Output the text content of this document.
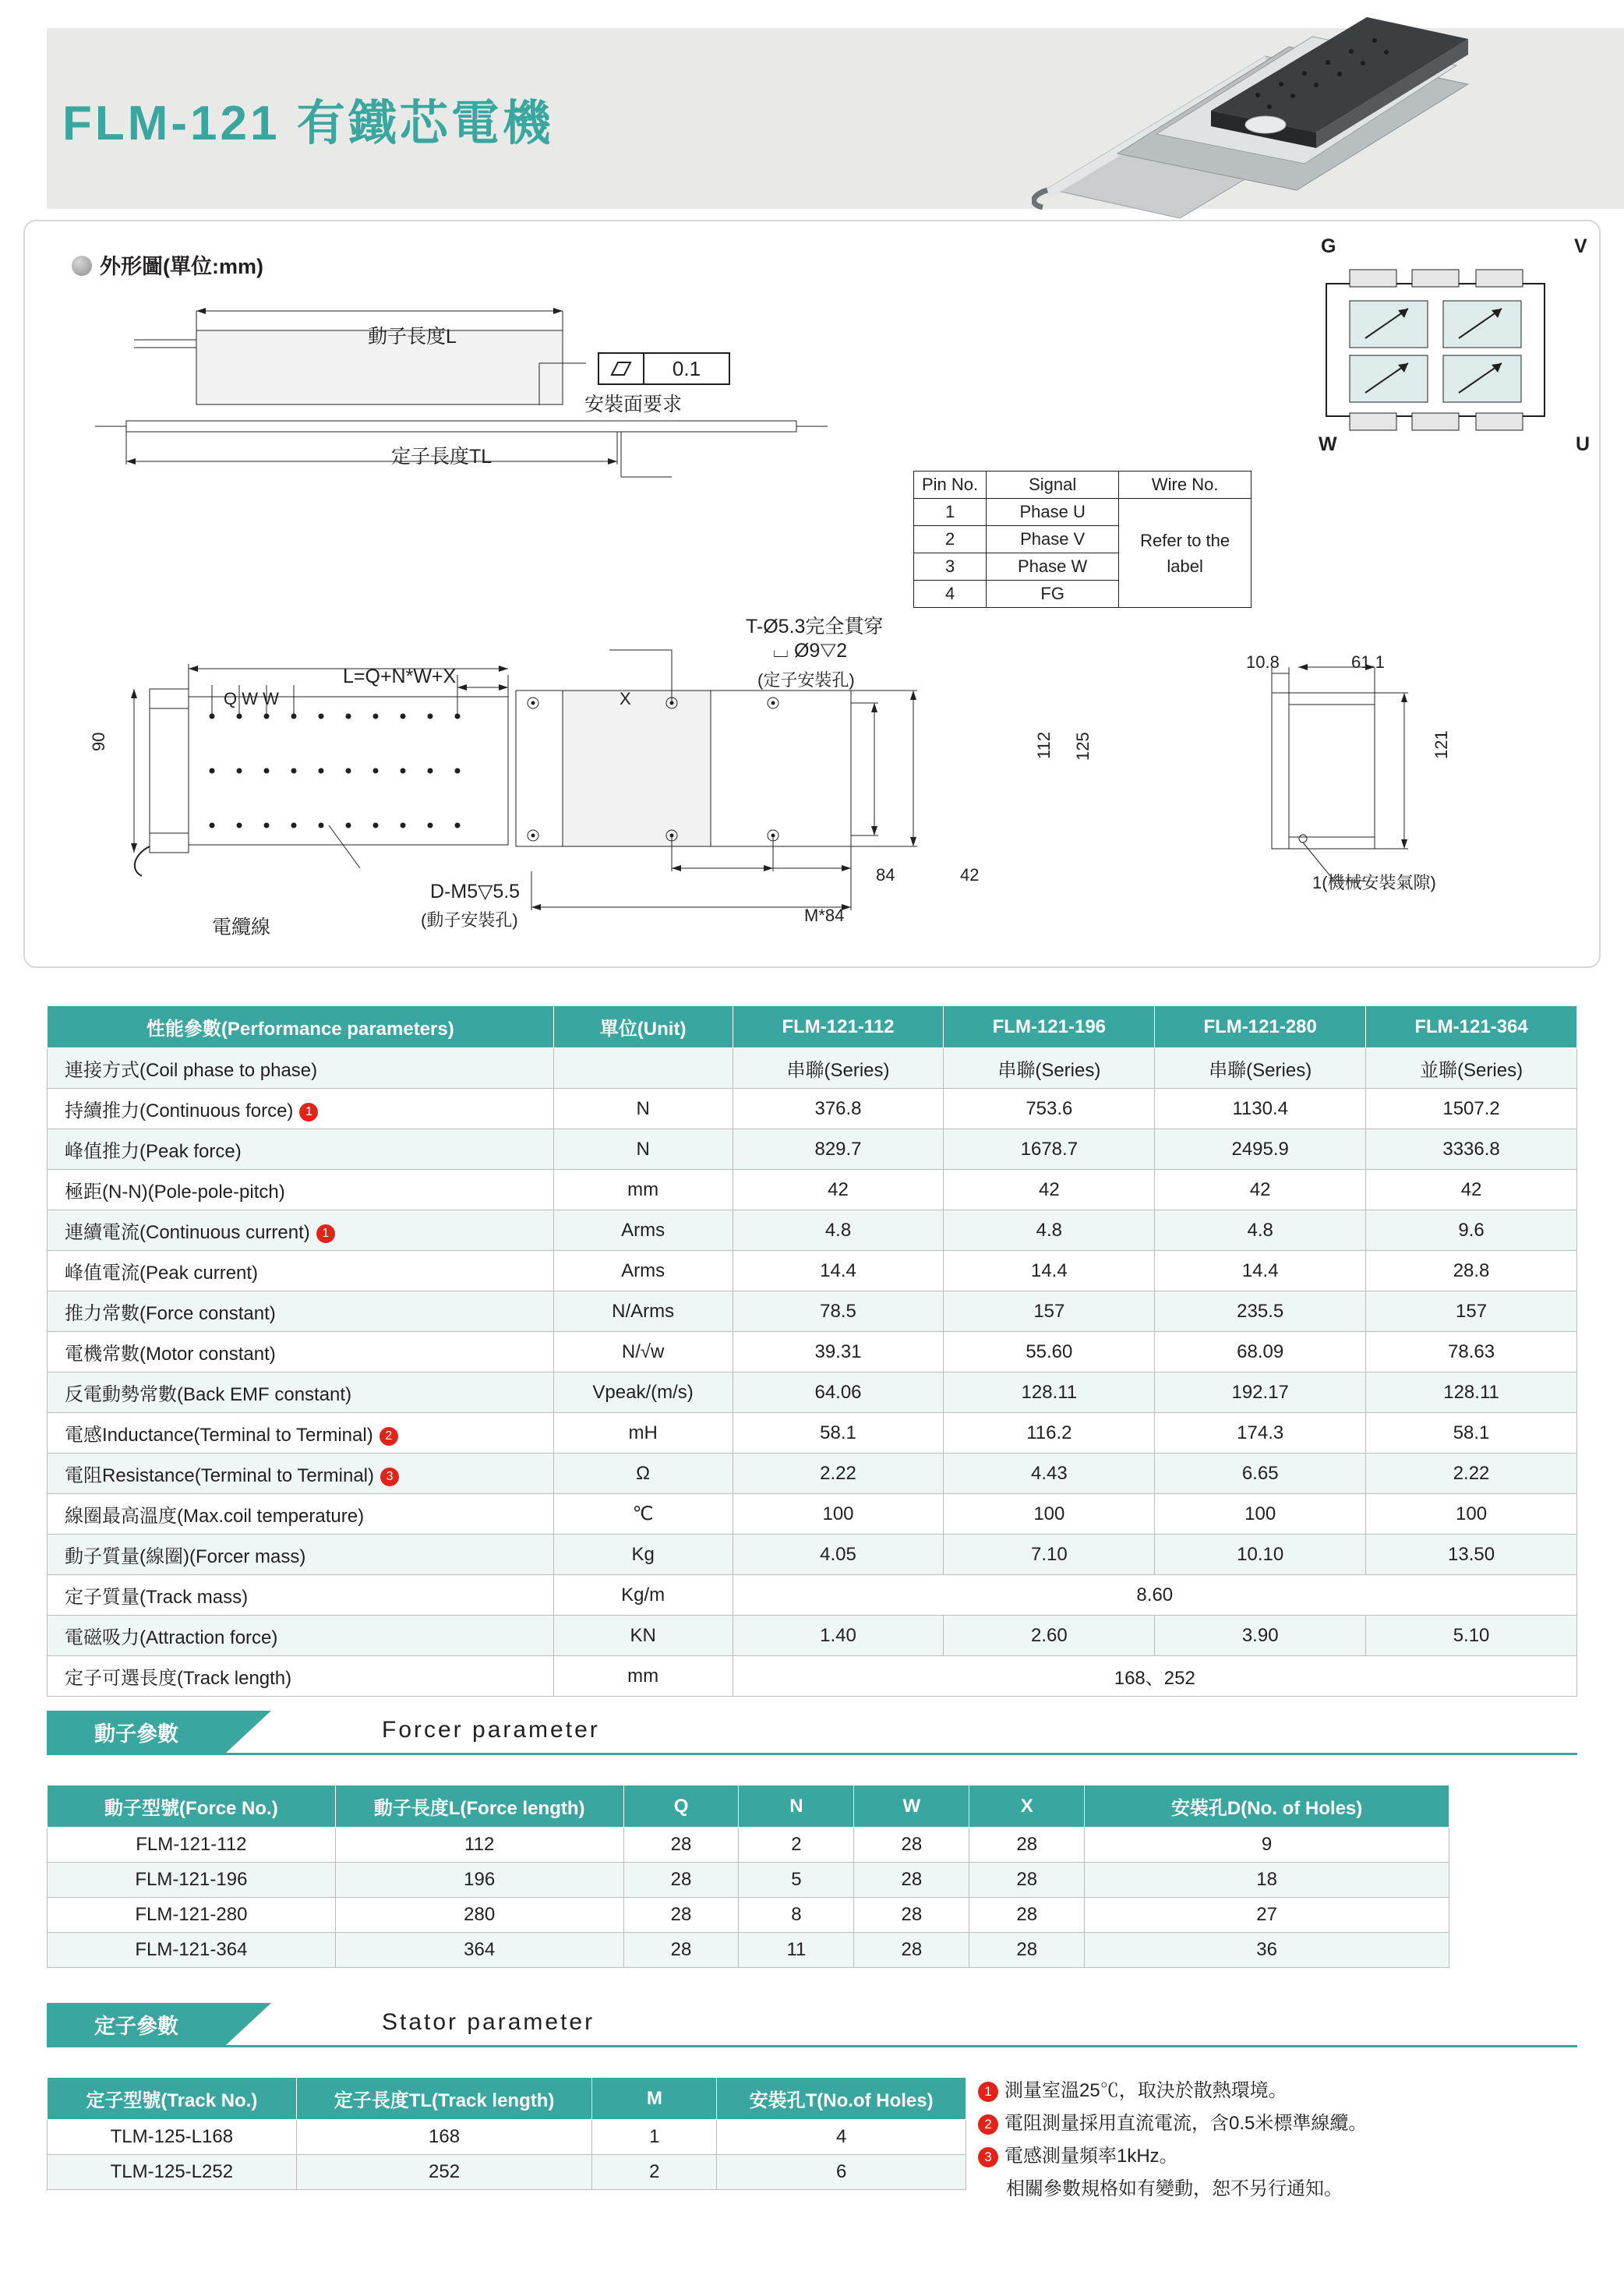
FLM-121 有鐵芯電機
外形圖(單位:mm)
動子長度L
定子長度TL
0.1
安裝面要求
Pin No.	Signal	Wire No.
1	Phase U	Refer to the label
2	Phase V	
3	Phase W	
4	FG	
G	V
W	U
L=Q+N*W+X
Q W W	X
90
電纜線
D-M5▽5.5
(動子安裝孔)
T-Ø5.3完全貫穿
⌴ Ø9▽2
(定子安裝孔)
112 125
84	42
M*84
61.1
10.8
121
1(機械安裝氣隙)
性能參數(Performance parameters)	單位(Unit)	FLM-121-112	FLM-121-196	FLM-121-280	FLM-121-364
連接方式(Coil phase to phase)		串聯(Series)	串聯(Series)	串聯(Series)	並聯(Series)
持續推力(Continuous force) 1	N	376.8	753.6	1130.4	1507.2
峰值推力(Peak force)	N	829.7	1678.7	2495.9	3336.8
極距(N-N)(Pole-pole-pitch)	mm	42	42	42	42
連續電流(Continuous current) 1	Arms	4.8	4.8	4.8	9.6
峰值電流(Peak current)	Arms	14.4	14.4	14.4	28.8
推力常數(Force constant)	N/Arms	78.5	157	235.5	157
電機常數(Motor constant)	N/√w	39.31	55.60	68.09	78.63
反電動勢常數(Back EMF constant)	Vpeak/(m/s)	64.06	128.11	192.17	128.11
電感Inductance(Terminal to Terminal) 2	mH	58.1	116.2	174.3	58.1
電阻Resistance(Terminal to Terminal) 3	Ω	2.22	4.43	6.65	2.22
線圈最高溫度(Max.coil temperature)	℃	100	100	100	100
動子質量(線圈)(Forcer mass)	Kg	4.05	7.10	10.10	13.50
定子質量(Track mass)	Kg/m	8.60			
電磁吸力(Attraction force)	KN	1.40	2.60	3.90	5.10
定子可選長度(Track length)	mm	168、252			
動子參數	Forcer parameter
動子型號(Force No.)	動子長度L(Force length)	Q	N	W	X	安裝孔D(No. of Holes)
FLM-121-112	112	28	2	28	28	9
FLM-121-196	196	28	5	28	28	18
FLM-121-280	280	28	8	28	28	27
FLM-121-364	364	28	11	28	28	36
定子參數	Stator parameter
定子型號(Track No.)	定子長度TL(Track length)	M	安裝孔T(No.of Holes)
TLM-125-L168	168	1	4
TLM-125-L252	252	2	6
1 測量室溫25℃，取決於散熱環境。
2 電阻測量採用直流電流，含0.5米標準線纜。
3 電感測量頻率1kHz。
相關參數規格如有變動，恕不另行通知。
